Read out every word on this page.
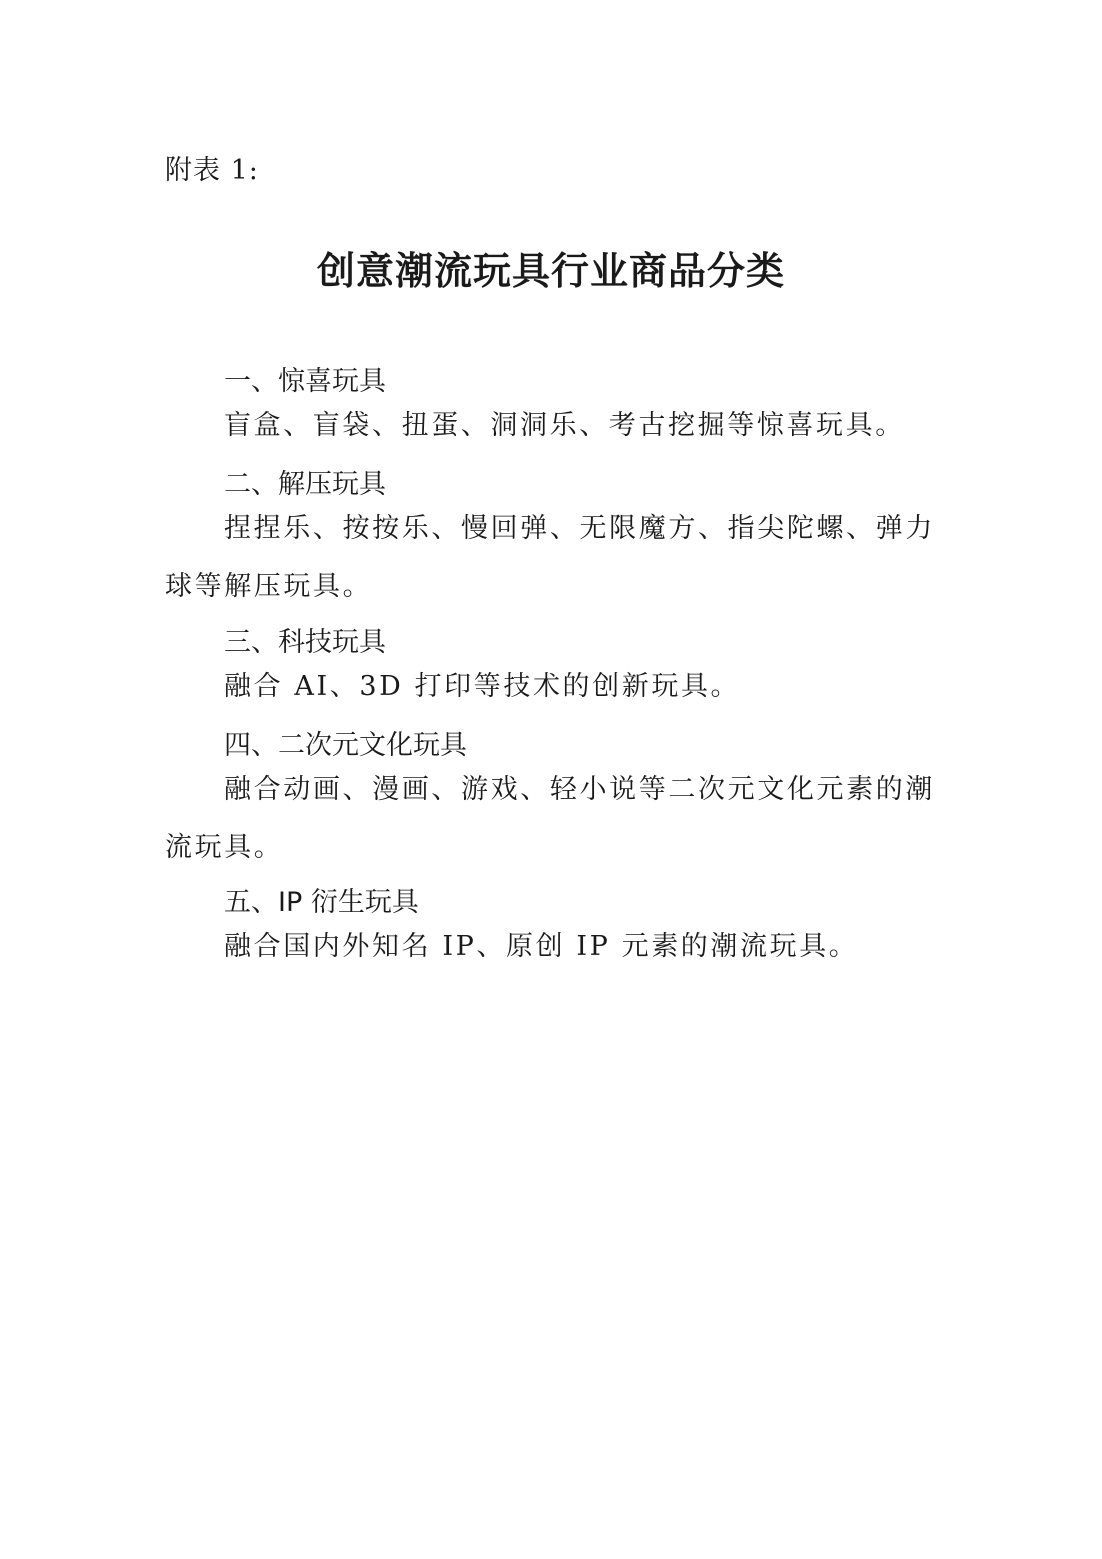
附表 1:
创意潮流玩具行业商品分类
一、惊喜玩具

盲盒、盲袋、扭蛋、洞洞乐、考古挖掘等惊喜玩具。

二、解压玩具

捏捏乐、按按乐、慢回弹、无限魔方、指尖陀螺、弹力球等解压玩具。

三、科技玩具

融合 AI、3D 打印等技术的创新玩具。

四、二次元文化玩具

融合动画、漫画、游戏、轻小说等二次元文化元素的潮流玩具。

五、IP 衍生玩具

融合国内外知名 IP、原创 IP 元素的潮流玩具。
